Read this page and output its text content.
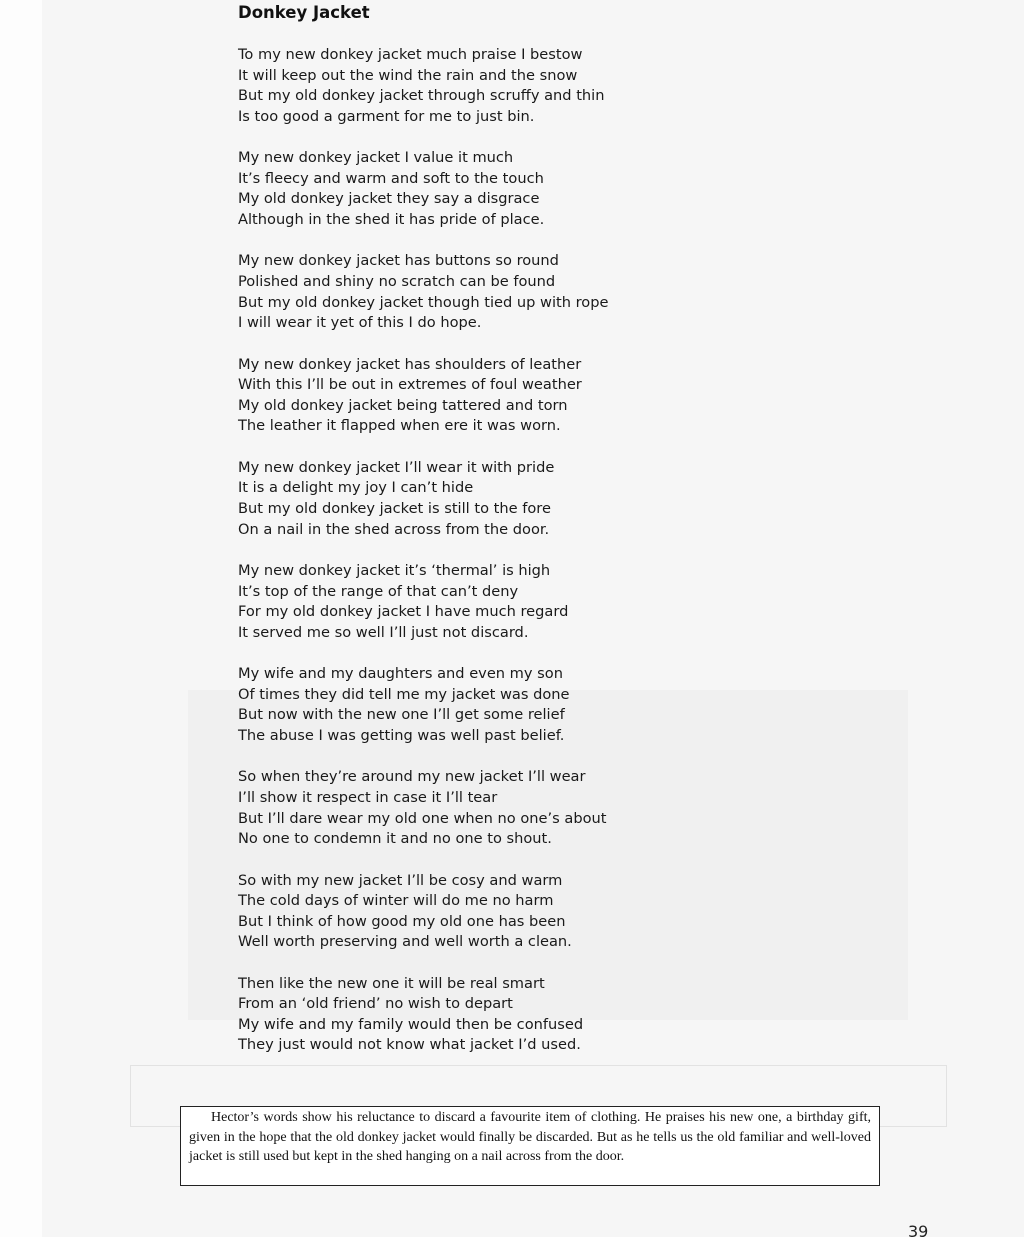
Donkey Jacket
To my new donkey jacket much praise I bestow
It will keep out the wind the rain and the snow
But my old donkey jacket through scruffy and thin
Is too good a garment for me to just bin.
My new donkey jacket I value it much
It’s fleecy and warm and soft to the touch
My old donkey jacket they say a disgrace
Although in the shed it has pride of place.
My new donkey jacket has buttons so round
Polished and shiny no scratch can be found
But my old donkey jacket though tied up with rope
I will wear it yet of this I do hope.
My new donkey jacket has shoulders of leather
With this I’ll be out in extremes of foul weather
My old donkey jacket being tattered and torn
The leather it flapped when ere it was worn.
My new donkey jacket I’ll wear it with pride
It is a delight my joy I can’t hide
But my old donkey jacket is still to the fore
On a nail in the shed across from the door.
My new donkey jacket it’s ‘thermal’ is high
It’s top of the range of that can’t deny
For my old donkey jacket I have much regard
It served me so well I’ll just not discard.
My wife and my daughters and even my son
Of times they did tell me my jacket was done
But now with the new one I’ll get some relief
The abuse I was getting was well past belief.
So when they’re around my new jacket I’ll wear
I’ll show it respect in case it I’ll tear
But I’ll dare wear my old one when no one’s about
No one to condemn it and no one to shout.
So with my new jacket I’ll be cosy and warm
The cold days of winter will do me no harm
But I think of how good my old one has been
Well worth preserving and well worth a clean.
Then like the new one it will be real smart
From an ‘old friend’ no wish to depart
My wife and my family would then be confused
They just would not know what jacket I’d used.
Hector’s words show his reluctance to discard a favourite item of clothing. He praises his new one, a birthday gift, given in the hope that the old donkey jacket would finally be discarded. But as he tells us the old familiar and well-loved jacket is still used but kept in the shed hanging on a nail across from the door.
39
